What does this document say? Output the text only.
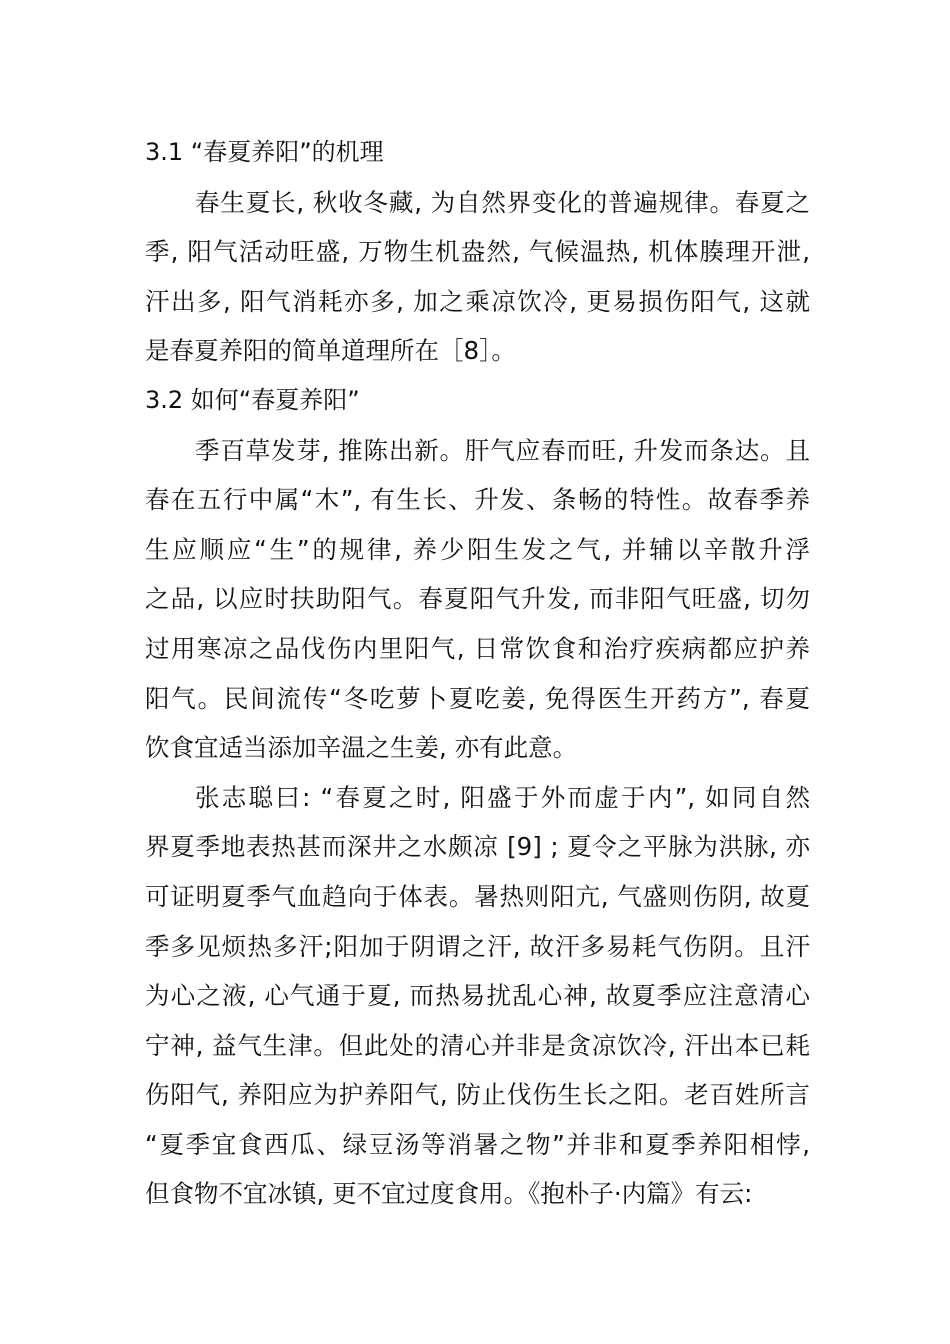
3.1 “春夏养阳”的机理
春生夏长, 秋收冬藏, 为自然界变化的普遍规律。春夏之
季, 阳气活动旺盛, 万物生机盎然, 气候温热, 机体腠理开泄,
汗出多, 阳气消耗亦多, 加之乘凉饮冷, 更易损伤阳气, 这就
是春夏养阳的简单道理所在［8］。
3.2 如何“春夏养阳”
季百草发芽, 推陈出新。肝气应春而旺, 升发而条达。且
春在五行中属“木”, 有生长、升发、条畅的特性。故春季养
生应顺应“生”的规律, 养少阳生发之气, 并辅以辛散升浮
之品, 以应时扶助阳气。春夏阳气升发, 而非阳气旺盛, 切勿
过用寒凉之品伐伤内里阳气, 日常饮食和治疗疾病都应护养
阳气。民间流传“冬吃萝卜夏吃姜, 免得医生开药方”, 春夏
饮食宜适当添加辛温之生姜, 亦有此意。
张志聪曰: “春夏之时, 阳盛于外而虚于内”, 如同自然
界夏季地表热甚而深井之水颇凉 [9] ; 夏令之平脉为洪脉, 亦
可证明夏季气血趋向于体表。暑热则阳亢, 气盛则伤阴, 故夏
季多见烦热多汗;阳加于阴谓之汗, 故汗多易耗气伤阴。且汗
为心之液, 心气通于夏, 而热易扰乱心神, 故夏季应注意清心
宁神, 益气生津。但此处的清心并非是贪凉饮冷, 汗出本已耗
伤阳气, 养阳应为护养阳气, 防止伐伤生长之阳。老百姓所言
“夏季宜食西瓜、绿豆汤等消暑之物”并非和夏季养阳相悖,
但食物不宜冰镇, 更不宜过度食用。《抱朴子·内篇》有云:
